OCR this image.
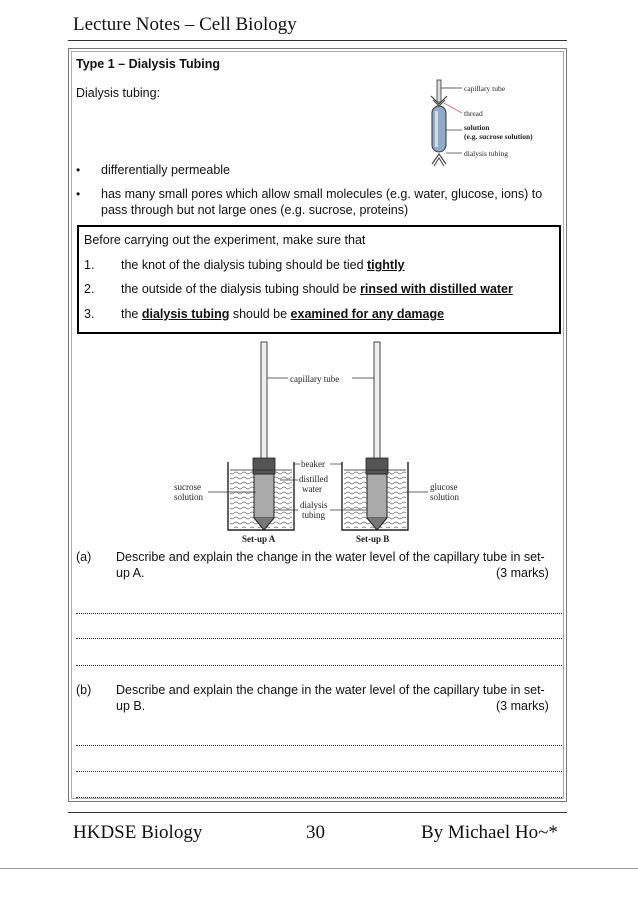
Lecture Notes – Cell Biology
Type 1 – Dialysis Tubing
Dialysis tubing:	capillary tube
thread
solution
(e.g. sucrose solution)
dialysis tubing
• differentially permeable
• has many small pores which allow small molecules (e.g. water, glucose, ions) to
pass through but not large ones (e.g. sucrose, proteins)
Before carrying out the experiment, make sure that
1. the knot of the dialysis tubing should be tied tightly
2. the outside of the dialysis tubing should be rinsed with distilled water
3. the dialysis tubing should be examined for any damage
capillary tube
beaker
distilled
water
dialysis
tubing
sucrose
solution
glucose
solution
Set-up A	Set-up B
(a) Describe and explain the change in the water level of the capillary tube in set-
up A.	(3 marks)
(b) Describe and explain the change in the water level of the capillary tube in set-
up B.	(3 marks)
HKDSE Biology	30	By Michael Ho~*
